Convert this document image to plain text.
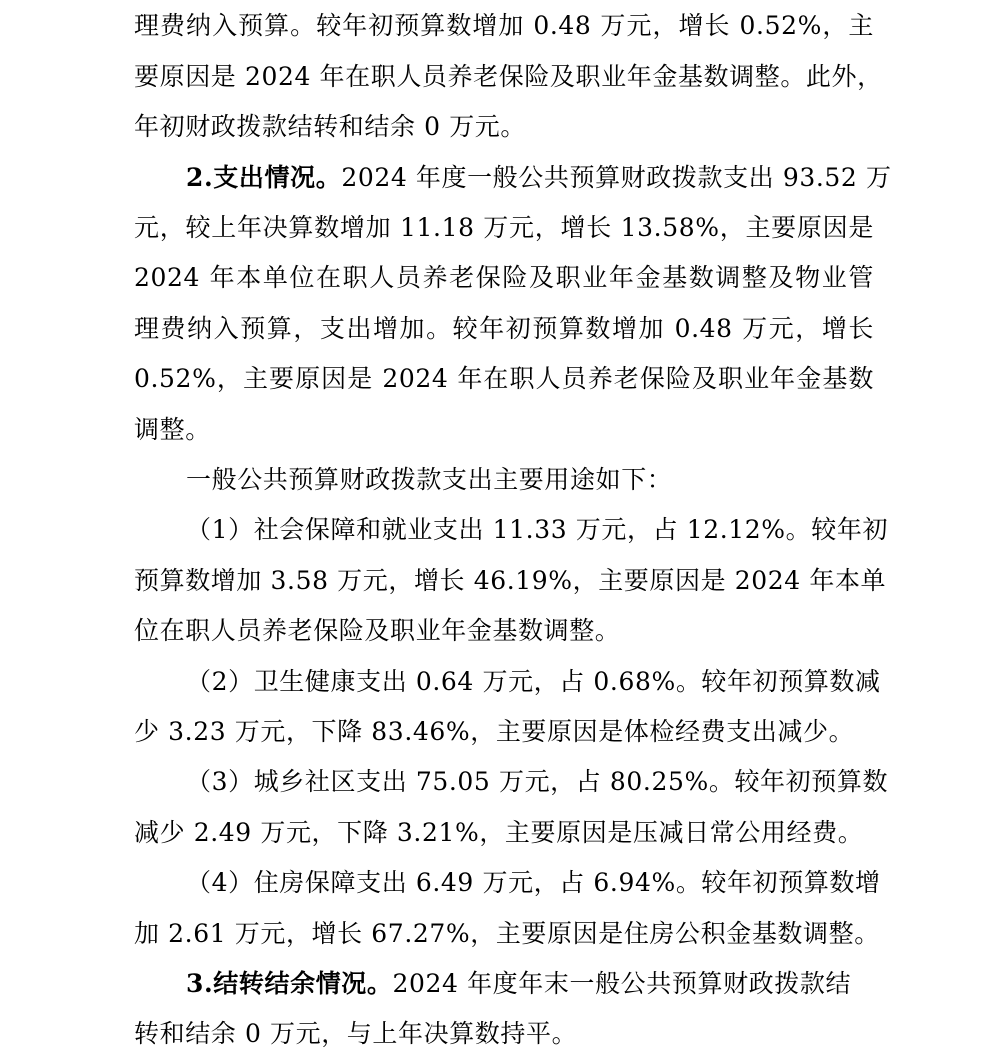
理费纳入预算。较年初预算数增加 0.48 万元，增长 0.52%，主
要原因是 2024 年在职人员养老保险及职业年金基数调整。此外，
年初财政拨款结转和结余 0 万元。
2.支出情况。2024 年度一般公共预算财政拨款支出 93.52 万
元，较上年决算数增加 11.18 万元，增长 13.58%，主要原因是
2024 年本单位在职人员养老保险及职业年金基数调整及物业管
理费纳入预算，支出增加。较年初预算数增加 0.48 万元，增长
0.52%，主要原因是 2024 年在职人员养老保险及职业年金基数
调整。
一般公共预算财政拨款支出主要用途如下：
（1）社会保障和就业支出 11.33 万元，占 12.12%。较年初
预算数增加 3.58 万元，增长 46.19%，主要原因是 2024 年本单
位在职人员养老保险及职业年金基数调整。
（2）卫生健康支出 0.64 万元，占 0.68%。较年初预算数减
少 3.23 万元，下降 83.46%，主要原因是体检经费支出减少。
（3）城乡社区支出 75.05 万元，占 80.25%。较年初预算数
减少 2.49 万元，下降 3.21%，主要原因是压减日常公用经费。
（4）住房保障支出 6.49 万元，占 6.94%。较年初预算数增
加 2.61 万元，增长 67.27%，主要原因是住房公积金基数调整。
3.结转结余情况。2024 年度年末一般公共预算财政拨款结
转和结余 0 万元，与上年决算数持平。
